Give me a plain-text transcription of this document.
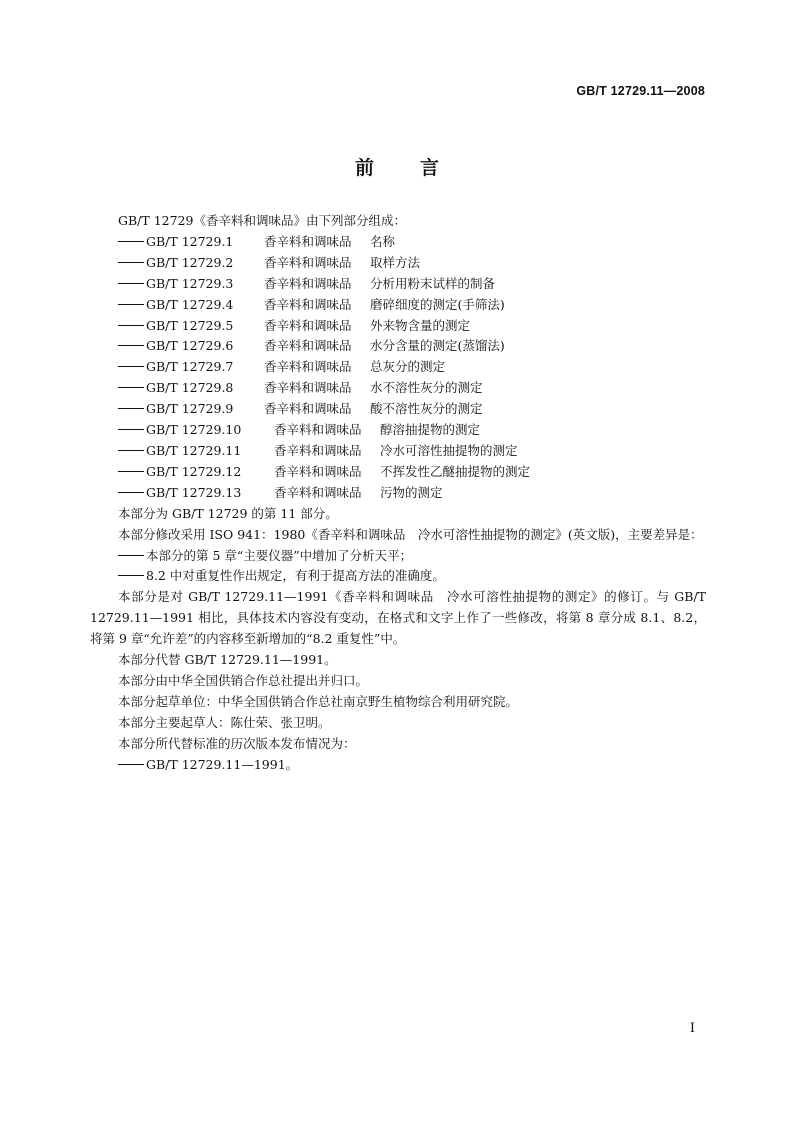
GB/T 12729.11—2008
前 言

GB/T 12729《香辛料和调味品》由下列部分组成：

GB/T 12729.1 香辛料和调味品 名称

GB/T 12729.2 香辛料和调味品 取样方法

GB/T 12729.3 香辛料和调味品 分析用粉末试样的制备

GB/T 12729.4 香辛料和调味品 磨碎细度的测定(手筛法)

GB/T 12729.5 香辛料和调味品 外来物含量的测定

GB/T 12729.6 香辛料和调味品 水分含量的测定(蒸馏法)

GB/T 12729.7 香辛料和调味品 总灰分的测定

GB/T 12729.8 香辛料和调味品 水不溶性灰分的测定

GB/T 12729.9 香辛料和调味品 酸不溶性灰分的测定

GB/T 12729.10	香辛料和调味品 醇溶抽提物的测定

GB/T 12729.11	香辛料和调味品 冷水可溶性抽提物的测定

GB/T 12729.12	香辛料和调味品 不挥发性乙醚抽提物的测定

GB/T 12729.13	香辛料和调味品 污物的测定

本部分为 GB/T 12729 的第 11 部分。

本部分修改采用 ISO 941：1980《香辛料和调味品　冷水可溶性抽提物的测定》(英文版)，主要差异是：

本部分的第 5 章“主要仪器”中增加了分析天平；

8.2 中对重复性作出规定，有利于提高方法的准确度。

本部分是对 GB/T 12729.11—1991《香辛料和调味品　冷水可溶性抽提物的测定》的修订。与 GB/T 12729.11—1991 相比，具体技术内容没有变动，在格式和文字上作了一些修改，将第 8 章分成 8.1、8.2，将第 9 章“允许差”的内容移至新增加的“8.2 重复性”中。

本部分代替 GB/T 12729.11—1991。

本部分由中华全国供销合作总社提出并归口。

本部分起草单位：中华全国供销合作总社南京野生植物综合利用研究院。

本部分主要起草人：陈仕荣、张卫明。

本部分所代替标准的历次版本发布情况为：

GB/T 12729.11—1991。

I
